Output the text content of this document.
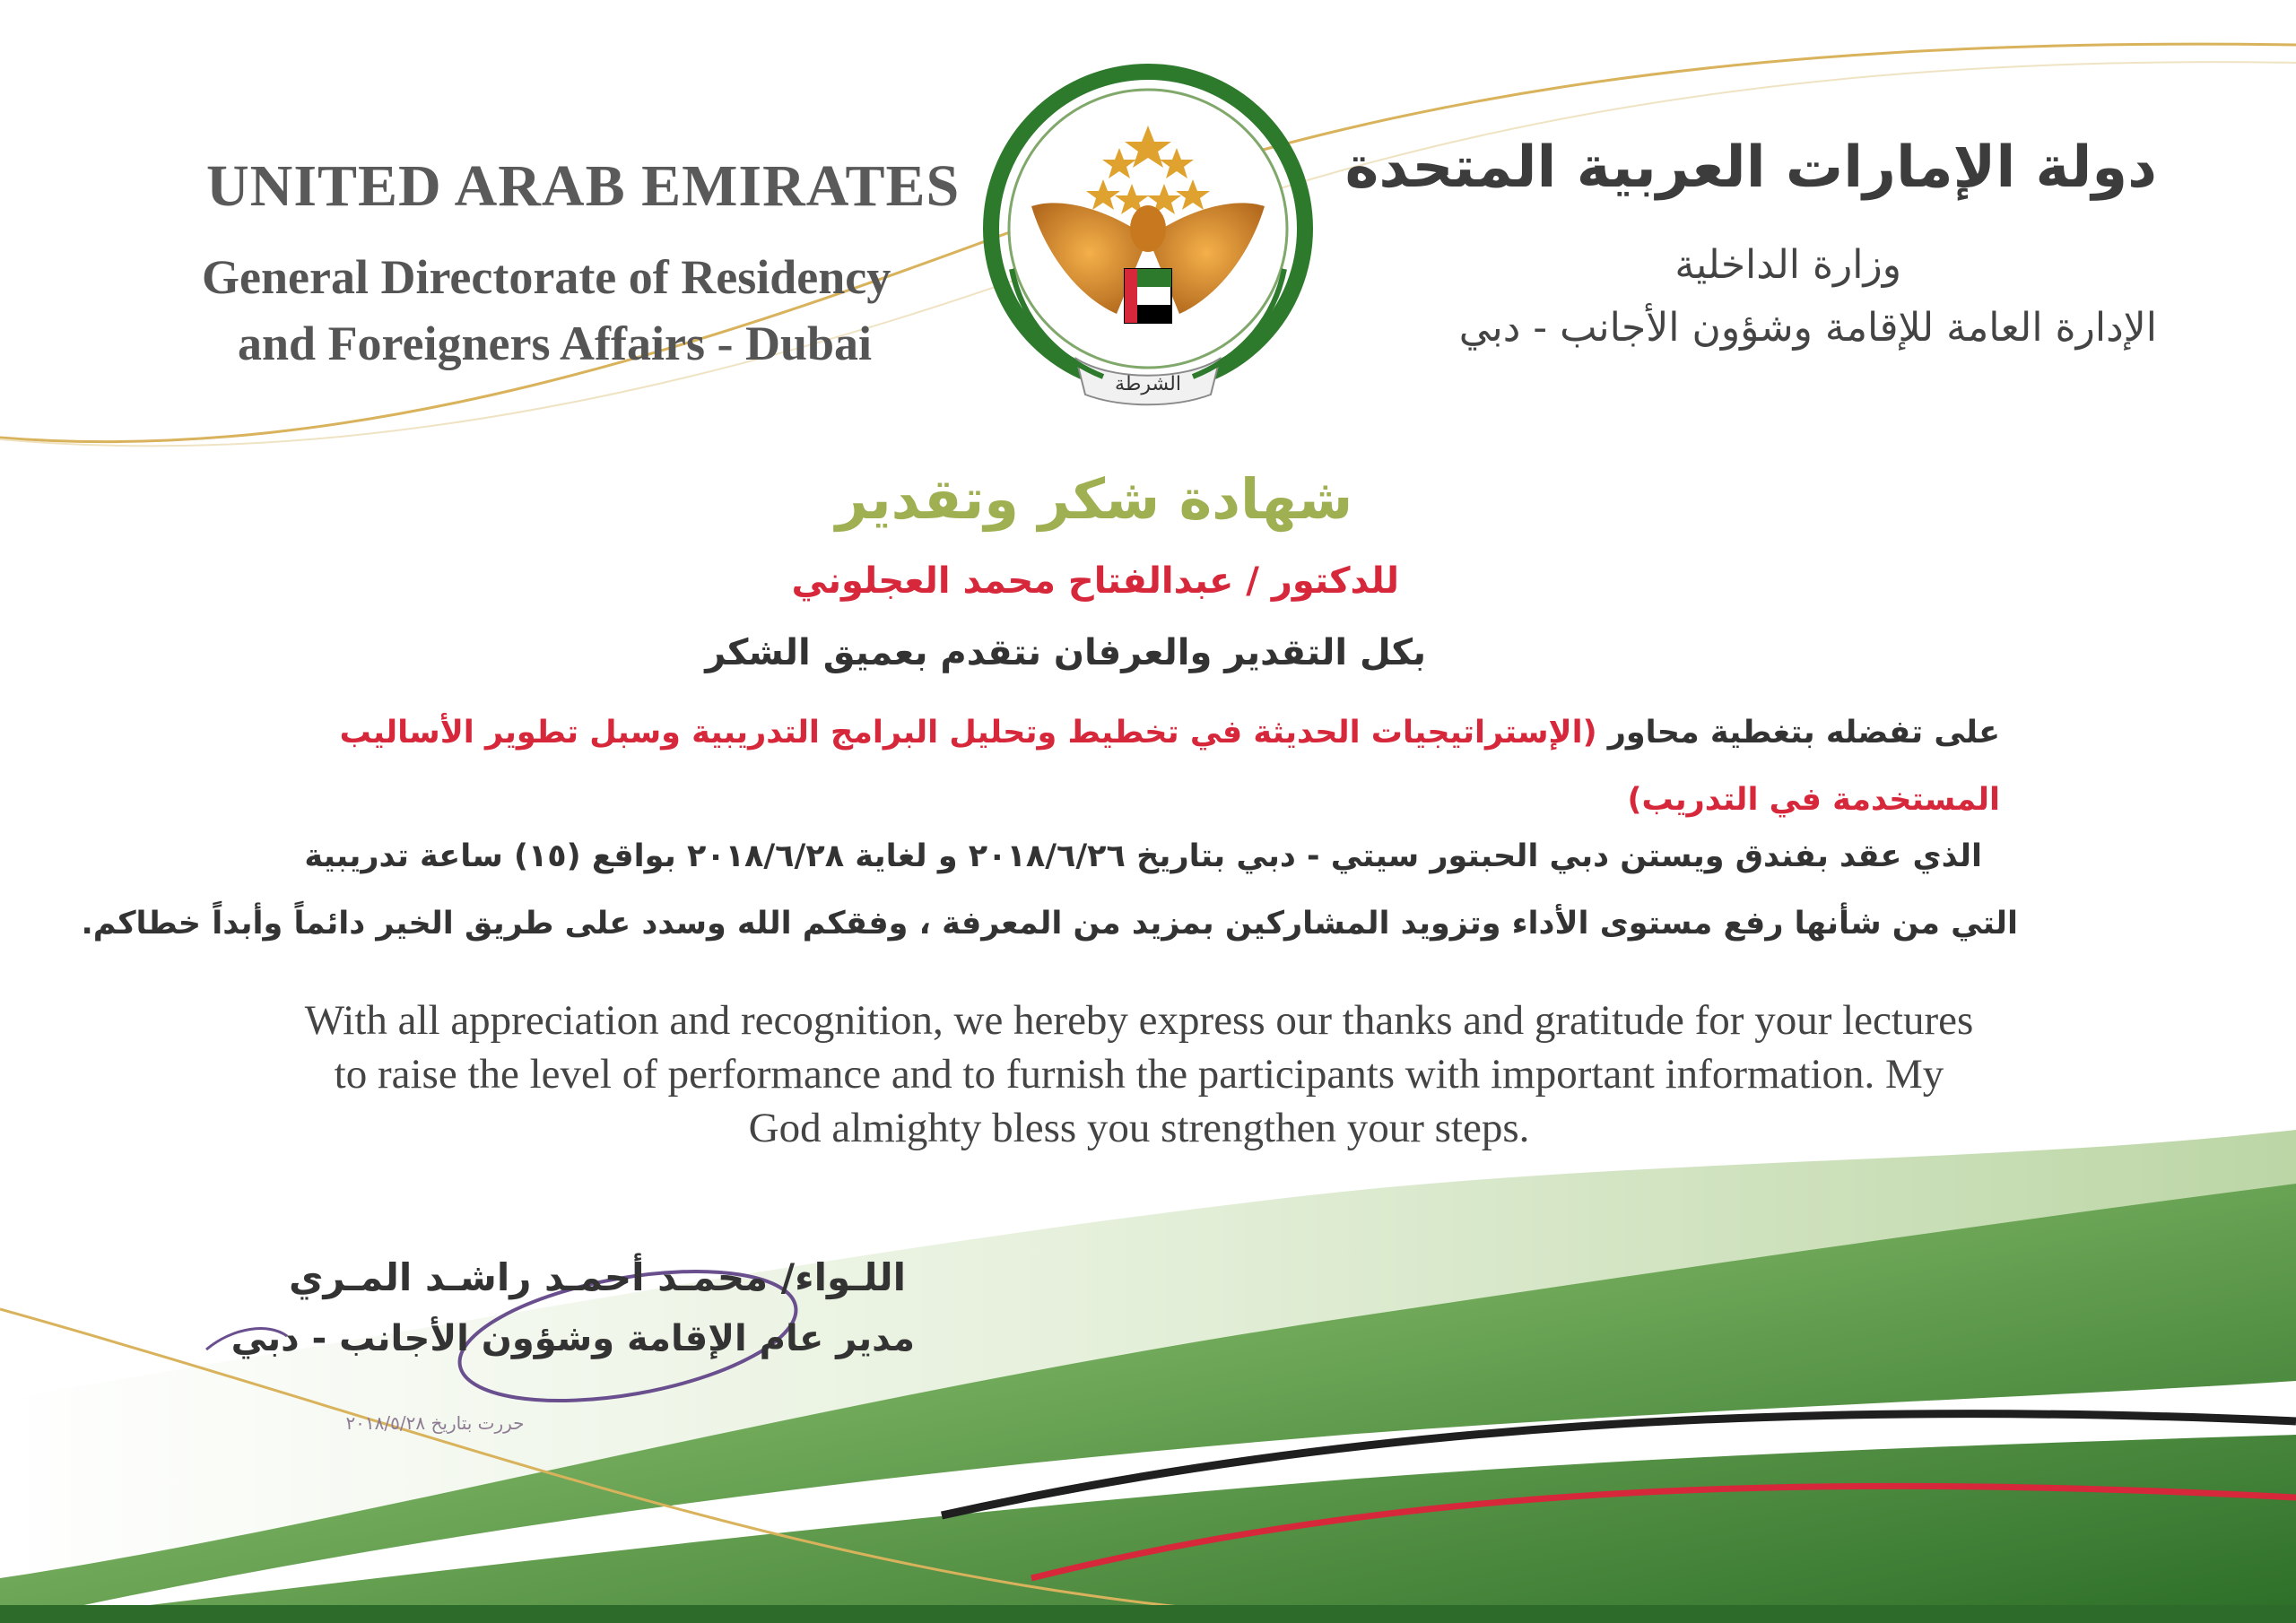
الشرطة
UNITED ARAB EMIRATES
General Directorate of Residency
and Foreigners Affairs - Dubai
دولة الإمارات العربية المتحدة
وزارة الداخلية
الإدارة العامة للإقامة وشؤون الأجانب - دبي
شهادة شكر وتقدير
للدكتور / عبدالفتاح محمد العجلوني
بكل التقدير والعرفان نتقدم بعميق الشكر
على تفضله بتغطية محاور (الإستراتيجيات الحديثة في تخطيط وتحليل البرامج التدريبية وسبل تطوير الأساليب المستخدمة في التدريب)
الذي عقد بفندق ويستن دبي الحبتور سيتي - دبي بتاريخ ٢٠١٨/٦/٢٦ و لغاية ٢٠١٨/٦/٢٨ بواقع (١٥) ساعة تدريبية
التي من شأنها رفع مستوى الأداء وتزويد المشاركين بمزيد من المعرفة ، وفقكم الله وسدد على طريق الخير دائماً وأبداً خطاكم.
With all appreciation and recognition, we hereby express our thanks and gratitude for your lectures to raise the level of performance and to furnish the participants with important information. My God almighty bless you strengthen your steps.
اللـواء/ محمـد أحمـد راشـد المـري
مدير عام الإقامة وشؤون الأجانب - دبي
حررت بتاريخ ٢٠١٨/٥/٢٨
